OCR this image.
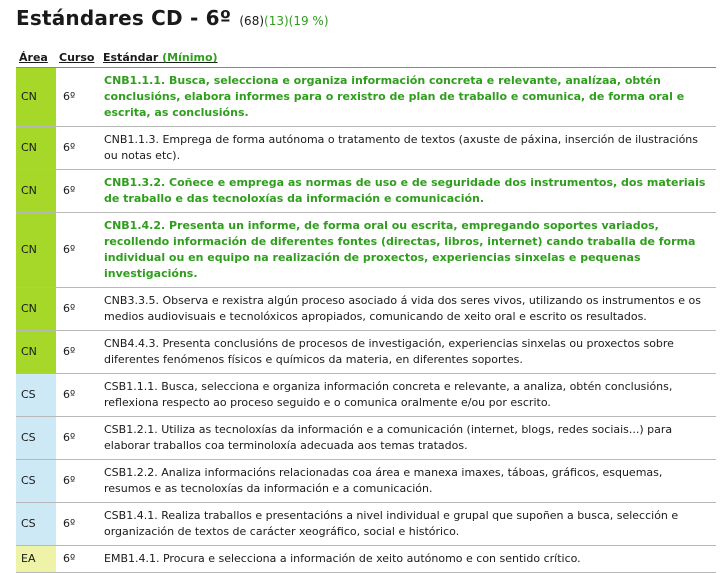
Estándares CD - 6º (68)(13)(19 %)
Área	Curso	Estándar (Mínimo)
CN	6º	CNB1.1.1. Busca, selecciona e organiza información concreta e relevante, analízaa, obtén conclusións, elabora informes para o rexistro de plan de traballo e comunica, de forma oral e escrita, as conclusións.
CN	6º	CNB1.1.3. Emprega de forma autónoma o tratamento de textos (axuste de páxina, inserción de ilustracións ou notas etc).
CN	6º	CNB1.3.2. Coñece e emprega as normas de uso e de seguridade dos instrumentos, dos materiais de traballo e das tecnoloxías da información e comunicación.
CN	6º	CNB1.4.2. Presenta un informe, de forma oral ou escrita, empregando soportes variados, recollendo información de diferentes fontes (directas, libros, internet) cando traballa de forma individual ou en equipo na realización de proxectos, experiencias sinxelas e pequenas investigacións.
CN	6º	CNB3.3.5. Observa e rexistra algún proceso asociado á vida dos seres vivos, utilizando os instrumentos e os medios audiovisuais e tecnolóxicos apropiados, comunicando de xeito oral e escrito os resultados.
CN	6º	CNB4.4.3. Presenta conclusións de procesos de investigación, experiencias sinxelas ou proxectos sobre diferentes fenómenos físicos e químicos da materia, en diferentes soportes.
CS	6º	CSB1.1.1. Busca, selecciona e organiza información concreta e relevante, a analiza, obtén conclusións, reflexiona respecto ao proceso seguido e o comunica oralmente e/ou por escrito.
CS	6º	CSB1.2.1. Utiliza as tecnoloxías da información e a comunicación (internet, blogs, redes sociais...) para elaborar traballos coa terminoloxía adecuada aos temas tratados.
CS	6º	CSB1.2.2. Analiza informacións relacionadas coa área e manexa imaxes, táboas, gráficos, esquemas, resumos e as tecnoloxías da información e a comunicación.
CS	6º	CSB1.4.1. Realiza traballos e presentacións a nivel individual e grupal que supoñen a busca, selección e organización de textos de carácter xeográfico, social e histórico.
EA	6º	EMB1.4.1. Procura e selecciona a información de xeito autónomo e con sentido crítico.
